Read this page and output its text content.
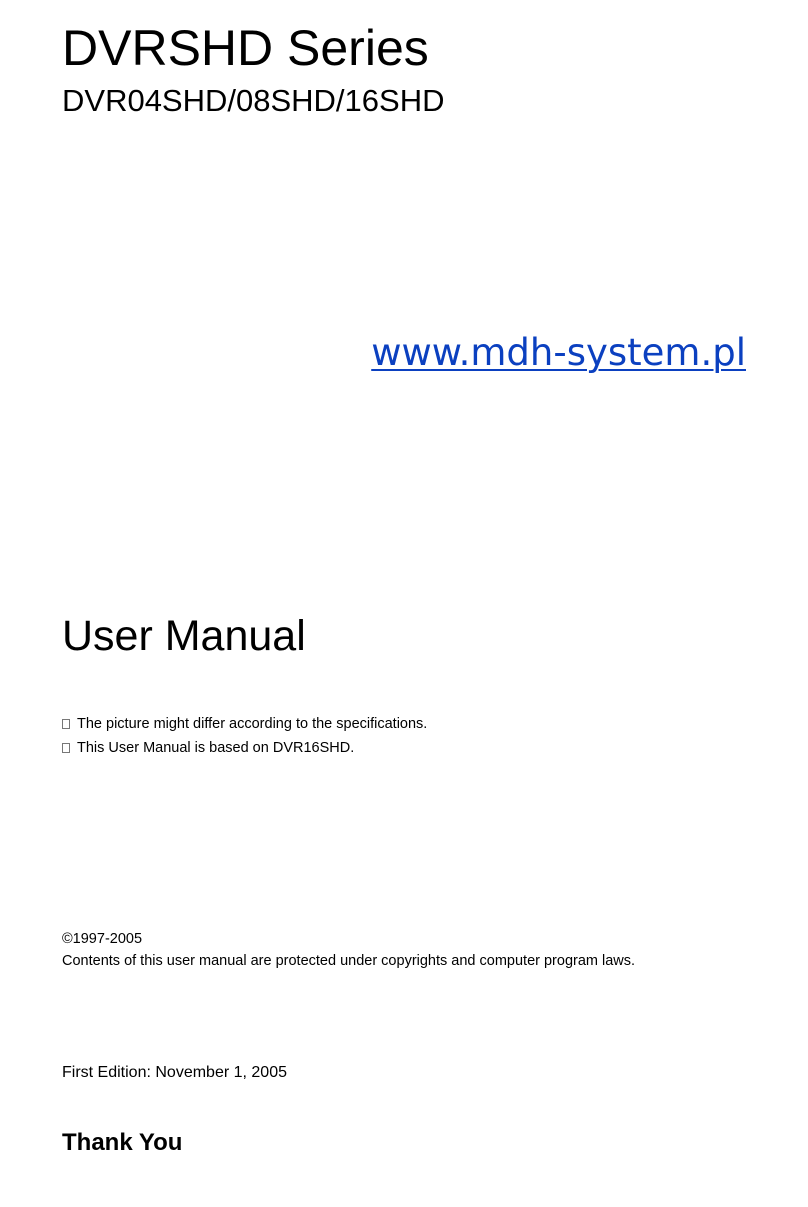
DVRSHD Series
DVR04SHD/08SHD/16SHD
www.mdh-system.pl
User Manual
The picture might differ according to the specifications.
This User Manual is based on DVR16SHD.
©1997-2005
Contents of this user manual are protected under copyrights and computer program laws.
First Edition: November 1, 2005
Thank You
